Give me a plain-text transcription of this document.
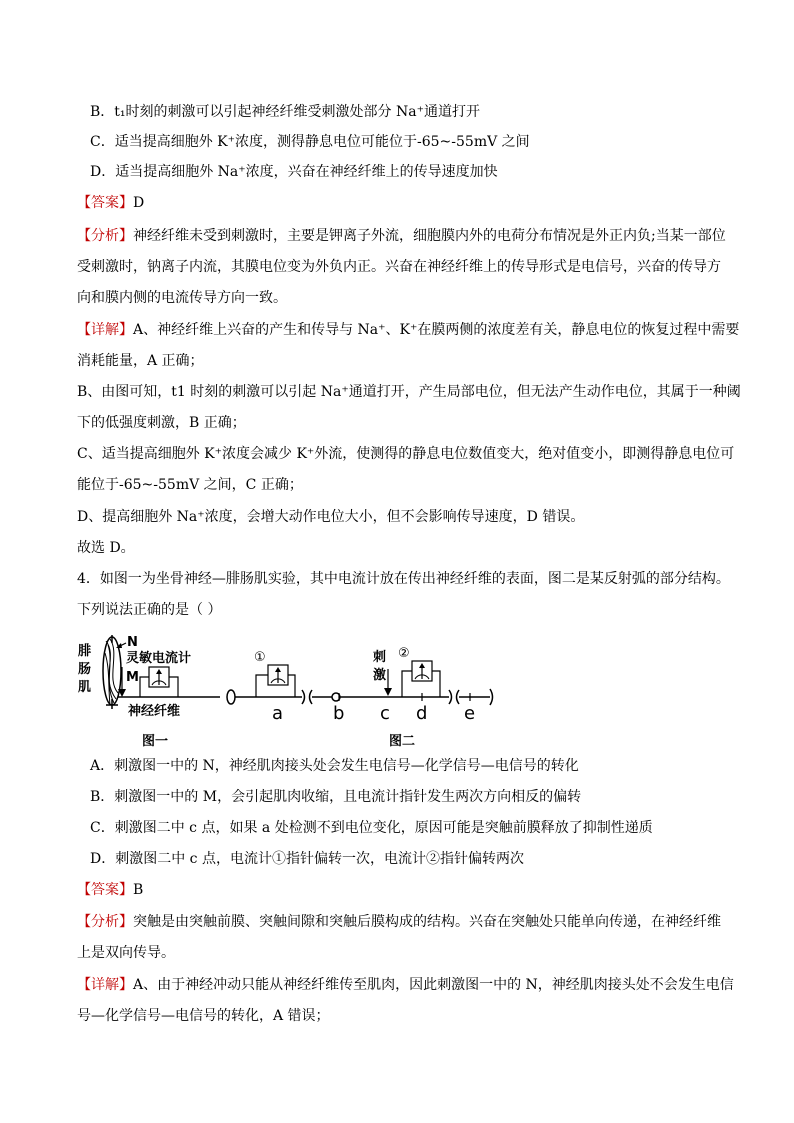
B．t₁时刻的刺激可以引起神经纤维受刺激处部分 Na⁺通道打开
C．适当提高细胞外 K⁺浓度，测得静息电位可能位于-65~-55mV 之间
D．适当提高细胞外 Na⁺浓度，兴奋在神经纤维上的传导速度加快
【答案】D
【分析】神经纤维未受到刺激时，主要是钾离子外流，细胞膜内外的电荷分布情况是外正内负;当某一部位
受刺激时，钠离子内流，其膜电位变为外负内正。兴奋在神经纤维上的传导形式是电信号，兴奋的传导方
向和膜内侧的电流传导方向一致。
【详解】A、神经纤维上兴奋的产生和传导与 Na⁺、K⁺在膜两侧的浓度差有关，静息电位的恢复过程中需要
消耗能量，A 正确；
B、由图可知，t1 时刻的刺激可以引起 Na⁺通道打开，产生局部电位，但无法产生动作电位，其属于一种阈
下的低强度刺激，B 正确；
C、适当提高细胞外 K⁺浓度会减少 K⁺外流，使测得的静息电位数值变大，绝对值变小，即测得静息电位可
能位于-65~-55mV 之间，C 正确；
D、提高细胞外 Na⁺浓度，会增大动作电位大小，但不会影响传导速度，D 错误。
故选 D。
4．如图一为坐骨神经—腓肠肌实验，其中电流计放在传出神经纤维的表面，图二是某反射弧的部分结构。
下列说法正确的是（ ）
腓
肠
肌
N
M
灵敏电流计
神经纤维
图一
①	刺
激
②
a	b c d e
图二
A．刺激图一中的 N，神经肌肉接头处会发生电信号—化学信号—电信号的转化
B．刺激图一中的 M，会引起肌肉收缩，且电流计指针发生两次方向相反的偏转
C．刺激图二中 c 点，如果 a 处检测不到电位变化，原因可能是突触前膜释放了抑制性递质
D．刺激图二中 c 点，电流计①指针偏转一次，电流计②指针偏转两次
【答案】B
【分析】突触是由突触前膜、突触间隙和突触后膜构成的结构。兴奋在突触处只能单向传递，在神经纤维
上是双向传导。
【详解】A、由于神经冲动只能从神经纤维传至肌肉，因此刺激图一中的 N，神经肌肉接头处不会发生电信
号—化学信号—电信号的转化，A 错误；
